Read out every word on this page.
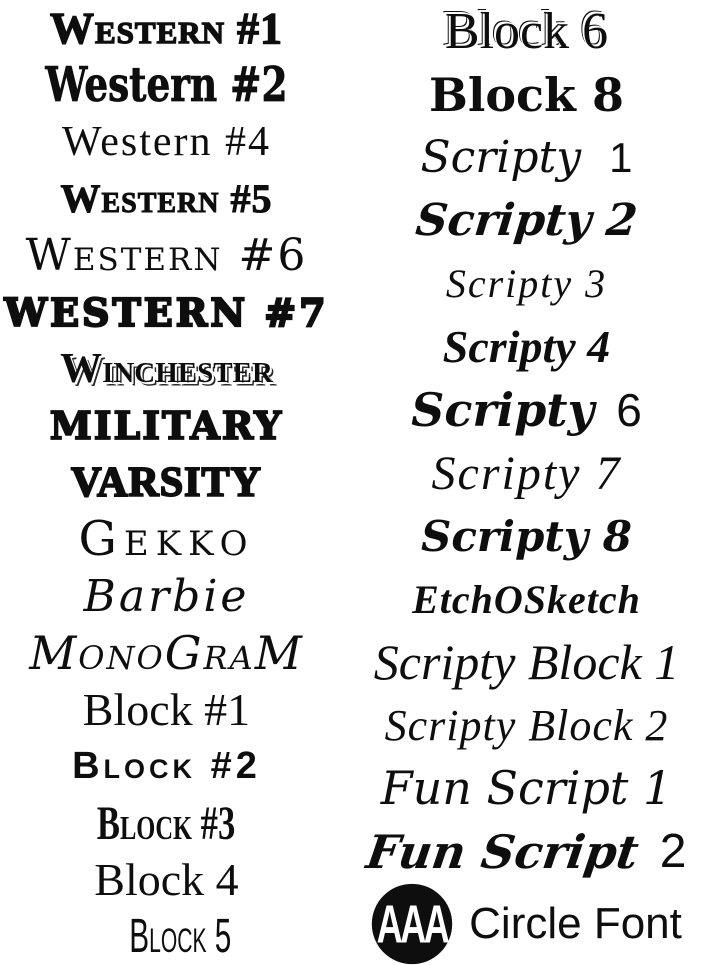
Western #1
Western #2
Western #4
Western #5
Western #6
WESTERN #7
Winchester
MILITARY
VARSITY
Gekko
Barbie
MonoGraM
Block #1
Block #2
Block #3
Block 4
Block 5
Block 6
Block 8
Scripty 1
Scripty 2
Scripty 3
Scripty 4
Scripty 6
Scripty 7
Scripty 8
EtchOSketch
Scripty Block 1
Scripty Block 2
Fun Script 1
Fun Script 2
AAA Circle Font
